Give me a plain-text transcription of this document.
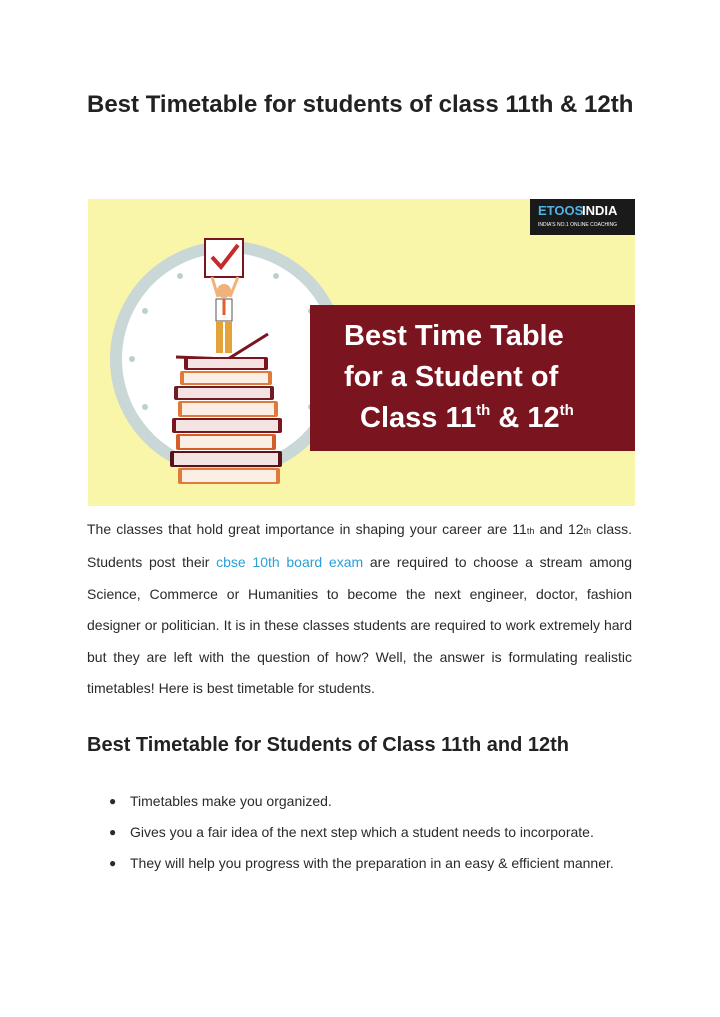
Best Timetable for students of class 11th & 12th
ETOOS
INDIA
INDIA'S NO.1 ONLINE COACHING
Best Time Table
for a Student of
Class 11th & 12th

The classes that hold great importance in shaping your career are 11th and 12th class. Students post their cbse 10th board exam are required to choose a stream among Science, Commerce or Humanities to become the next engineer, doctor, fashion designer or politician. It is in these classes students are required to work extremely hard but they are left with the question of how? Well, the answer is formulating realistic timetables! Here is best timetable for students.

Best Timetable for Students of Class 11th and 12th
● Timetables make you organized.
● Gives you a fair idea of the next step which a student needs to incorporate.
● They will help you progress with the preparation in an easy & efficient manner.
